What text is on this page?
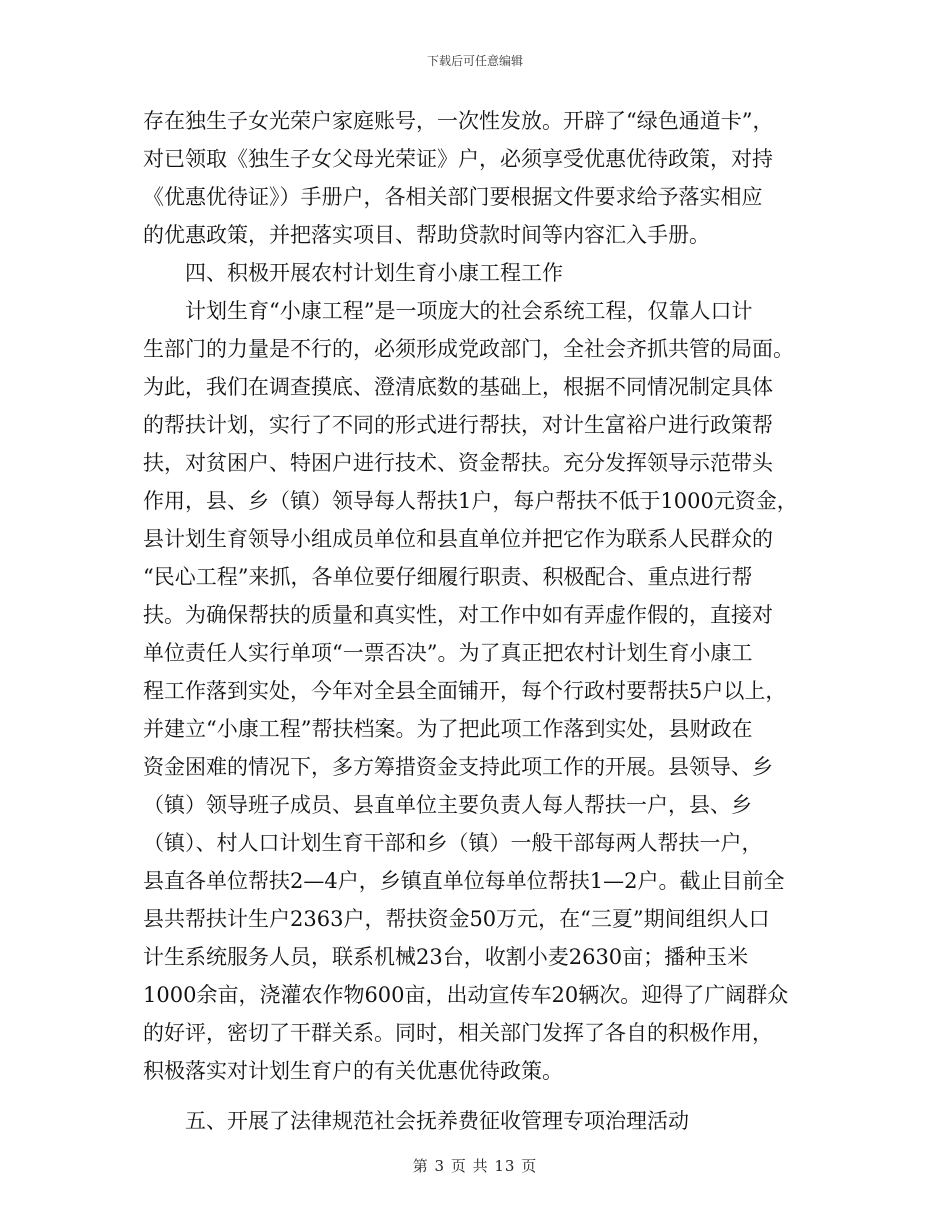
下载后可任意编辑
存在独生子女光荣户家庭账号，一次性发放。开辟了“绿色通道卡”，
对已领取《独生子女父母光荣证》户，必须享受优惠优待政策，对持
《优惠优待证》）手册户，各相关部门要根据文件要求给予落实相应
的优惠政策，并把落实项目、帮助贷款时间等内容汇入手册。
四、积极开展农村计划生育小康工程工作
计划生育“小康工程”是一项庞大的社会系统工程，仅靠人口计
生部门的力量是不行的，必须形成党政部门，全社会齐抓共管的局面。
为此，我们在调查摸底、澄清底数的基础上，根据不同情况制定具体
的帮扶计划，实行了不同的形式进行帮扶，对计生富裕户进行政策帮
扶，对贫困户、特困户进行技术、资金帮扶。充分发挥领导示范带头
作用，县、乡（镇）领导每人帮扶1户，每户帮扶不低于1000元资金，
县计划生育领导小组成员单位和县直单位并把它作为联系人民群众的
“民心工程”来抓，各单位要仔细履行职责、积极配合、重点进行帮
扶。为确保帮扶的质量和真实性，对工作中如有弄虚作假的，直接对
单位责任人实行单项“一票否决”。为了真正把农村计划生育小康工
程工作落到实处，今年对全县全面铺开，每个行政村要帮扶5户以上，
并建立“小康工程”帮扶档案。为了把此项工作落到实处，县财政在
资金困难的情况下，多方筹措资金支持此项工作的开展。县领导、乡
（镇）领导班子成员、县直单位主要负责人每人帮扶一户，县、乡
（镇）、村人口计划生育干部和乡（镇）一般干部每两人帮扶一户，
县直各单位帮扶2—4户，乡镇直单位每单位帮扶1—2户。截止目前全
县共帮扶计生户2363户，帮扶资金50万元，在“三夏”期间组织人口
计生系统服务人员，联系机械23台，收割小麦2630亩；播种玉米
1000余亩，浇灌农作物600亩，出动宣传车20辆次。迎得了广阔群众
的好评，密切了干群关系。同时，相关部门发挥了各自的积极作用，
积极落实对计划生育户的有关优惠优待政策。
五、开展了法律规范社会抚养费征收管理专项治理活动
第 3 页 共 13 页
